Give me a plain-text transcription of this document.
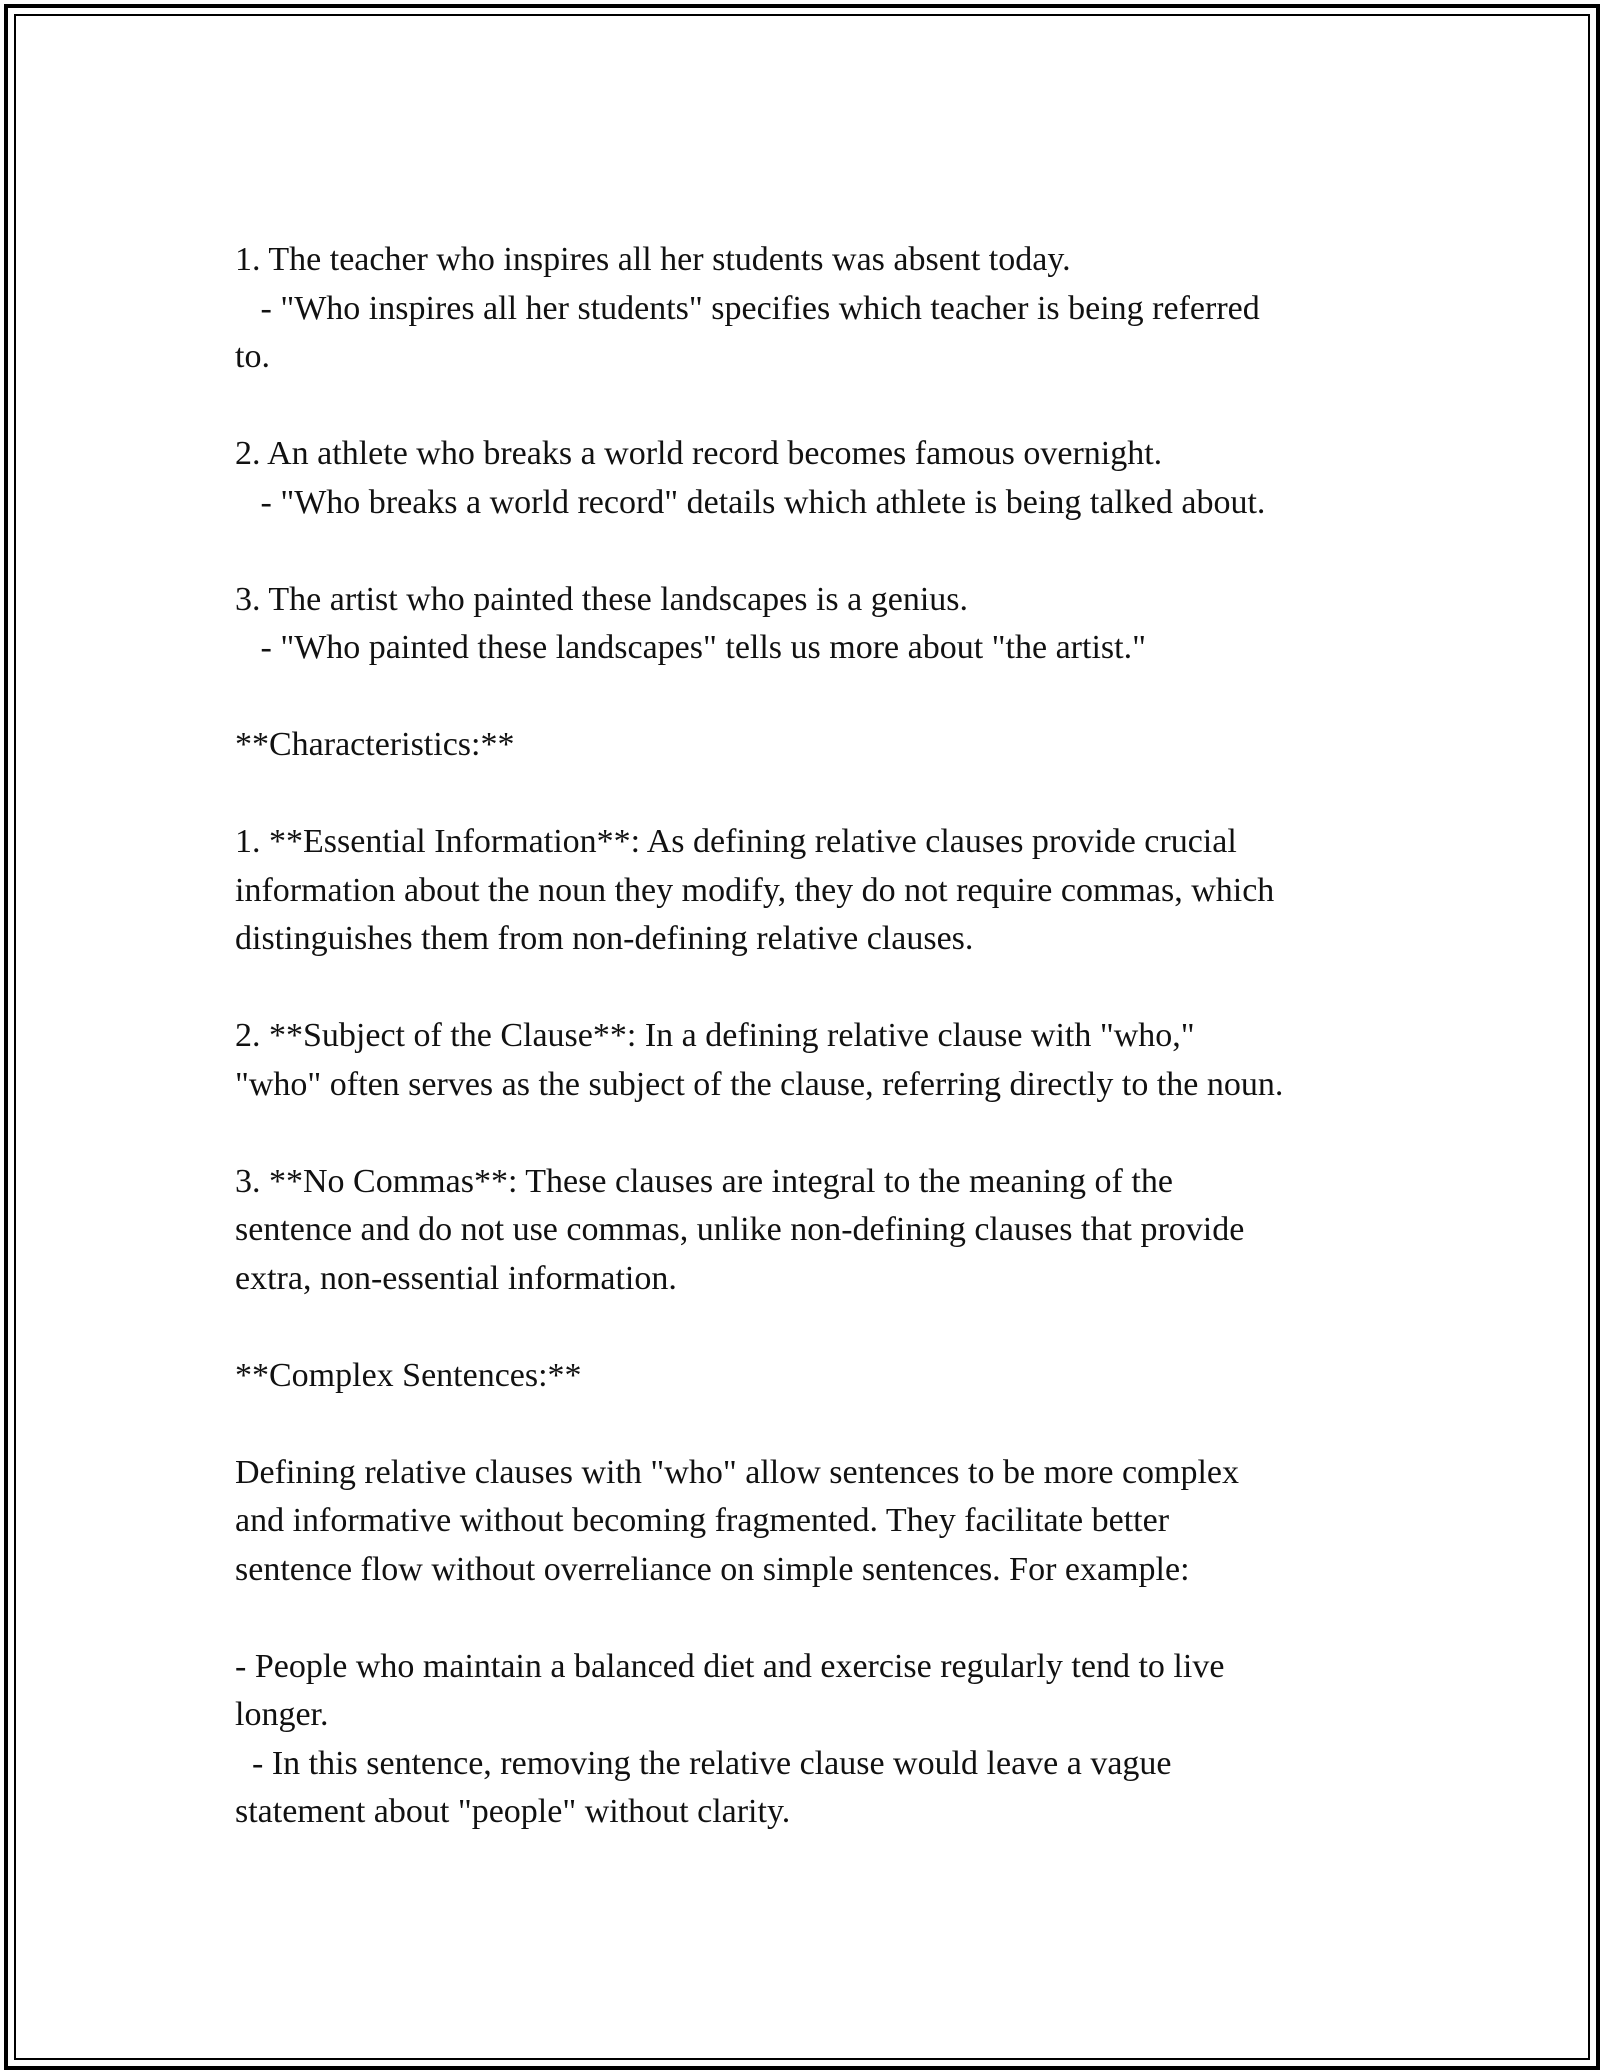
1. The teacher who inspires all her students was absent today.
- "Who inspires all her students" specifies which teacher is being referred
to.
2. An athlete who breaks a world record becomes famous overnight.
- "Who breaks a world record" details which athlete is being talked about.
3. The artist who painted these landscapes is a genius.
- "Who painted these landscapes" tells us more about "the artist."
**Characteristics:**
1. **Essential Information**: As defining relative clauses provide crucial
information about the noun they modify, they do not require commas, which
distinguishes them from non-defining relative clauses.
2. **Subject of the Clause**: In a defining relative clause with "who,"
"who" often serves as the subject of the clause, referring directly to the noun.
3. **No Commas**: These clauses are integral to the meaning of the
sentence and do not use commas, unlike non-defining clauses that provide
extra, non-essential information.
**Complex Sentences:**
Defining relative clauses with "who" allow sentences to be more complex
and informative without becoming fragmented. They facilitate better
sentence flow without overreliance on simple sentences. For example:
- People who maintain a balanced diet and exercise regularly tend to live
longer.
- In this sentence, removing the relative clause would leave a vague
statement about "people" without clarity.
